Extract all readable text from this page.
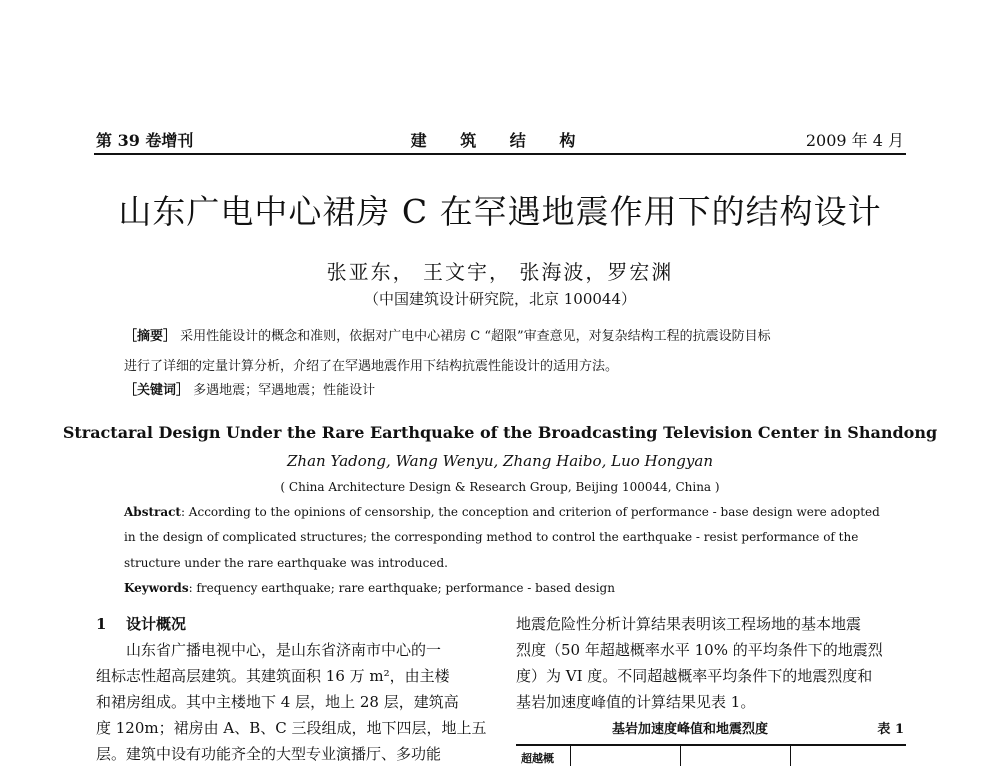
第 39 卷增刊	建 筑 结 构	2009 年 4 月
山东广电中心裙房 C 在罕遇地震作用下的结构设计
张亚东， 王文宇， 张海波，罗宏渊
（中国建筑设计研究院，北京 100044）
［摘要］ 采用性能设计的概念和准则，依据对广电中心裙房 C “超限”审查意见，对复杂结构工程的抗震设防目标
进行了详细的定量计算分析，介绍了在罕遇地震作用下结构抗震性能设计的适用方法。
［关键词］ 多遇地震；罕遇地震；性能设计
Stractaral Design Under the Rare Earthquake of the Broadcasting Television Center in Shandong
Zhan Yadong, Wang Wenyu, Zhang Haibo, Luo Hongyan
( China Architecture Design & Research Group, Beijing 100044, China )
Abstract: According to the opinions of censorship, the conception and criterion of performance - base design were adopted
in the design of complicated structures; the corresponding method to control the earthquake - resist performance of the
structure under the rare earthquake was introduced.
Keywords: frequency earthquake; rare earthquake; performance - based design
1 设计概况
山东省广播电视中心，是山东省济南市中心的一
组标志性超高层建筑。其建筑面积 16 万 m²，由主楼
和裙房组成。其中主楼地下 4 层，地上 28 层，建筑高
度 120m；裙房由 A、B、C 三段组成，地下四层，地上五
层。建筑中设有功能齐全的大型专业演播厅、多功能
地震危险性分析计算结果表明该工程场地的基本地震
烈度（50 年超越概率水平 10% 的平均条件下的地震烈
度）为 VI 度。不同超越概率平均条件下的地震烈度和
基岩加速度峰值的计算结果见表 1。
基岩加速度峰值和地震烈度	表 1
超越概
